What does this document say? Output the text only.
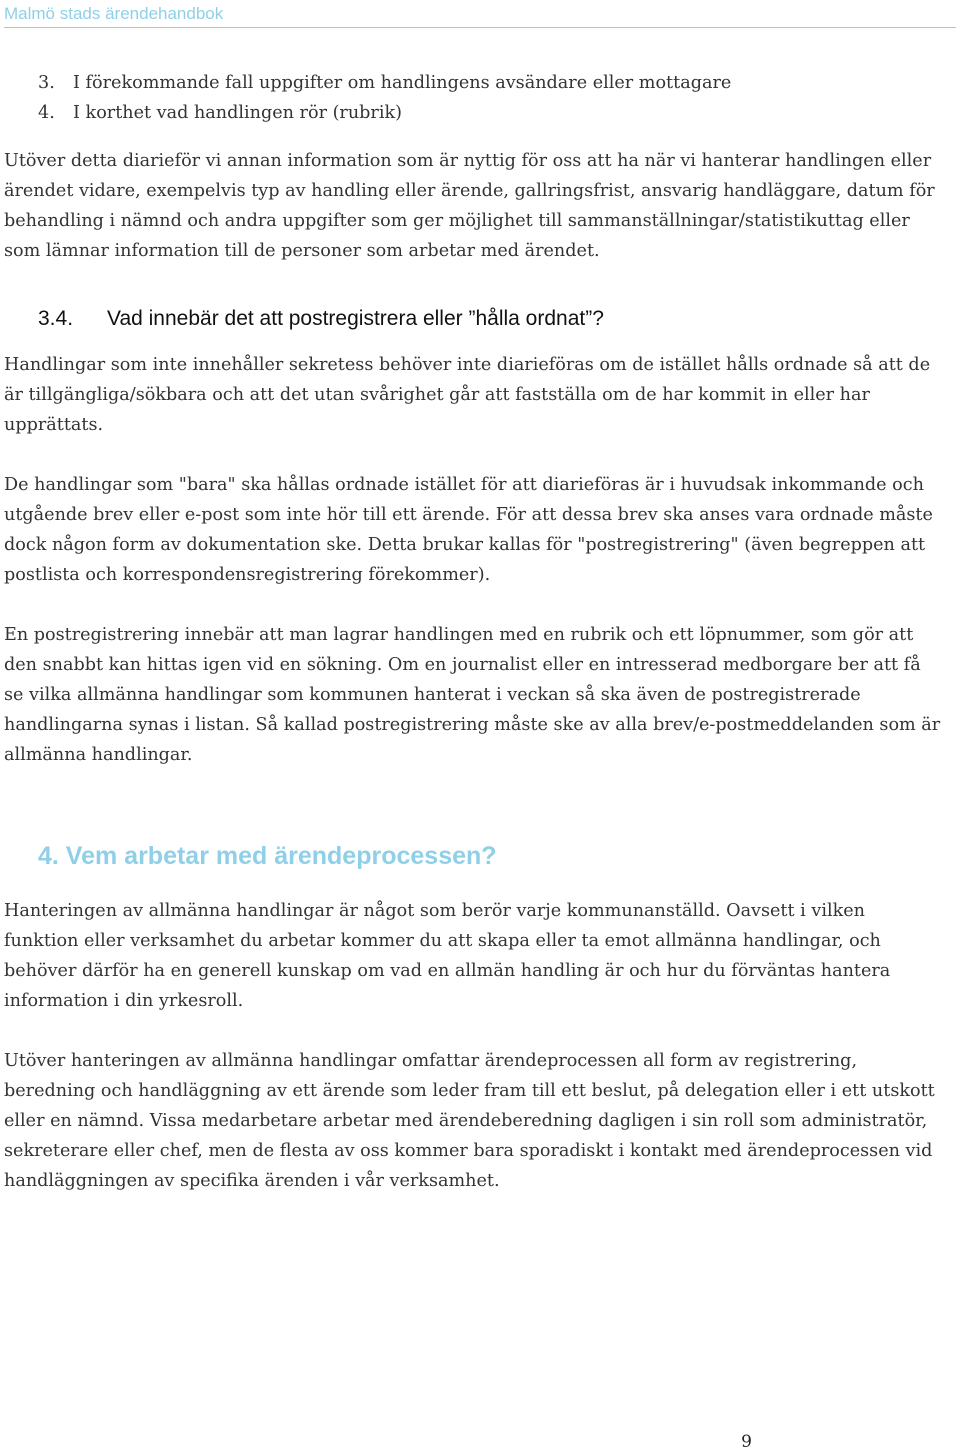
Malmö stads ärendehandbok
3. I förekommande fall uppgifter om handlingens avsändare eller mottagare
4. I korthet vad handlingen rör (rubrik)

Utöver detta diarieför vi annan information som är nyttig för oss att ha när vi hanterar handlingen eller ärendet vidare, exempelvis typ av handling eller ärende, gallringsfrist, ansvarig handläggare, datum för behandling i nämnd och andra uppgifter som ger möjlighet till sammanställningar/statistikuttag eller som lämnar information till de personer som arbetar med ärendet.

3.4. Vad innebär det att postregistrera eller ”hålla ordnat”?

Handlingar som inte innehåller sekretess behöver inte diarieföras om de istället hålls ordnade så att de är tillgängliga/sökbara och att det utan svårighet går att fastställa om de har kommit in eller har upprättats.

De handlingar som "bara" ska hållas ordnade istället för att diarieföras är i huvudsak inkommande och utgående brev eller e-post som inte hör till ett ärende. För att dessa brev ska anses vara ordnade måste dock någon form av dokumentation ske. Detta brukar kallas för "postregistrering" (även begreppen att postlista och korrespondensregistrering förekommer).

En postregistrering innebär att man lagrar handlingen med en rubrik och ett löpnummer, som gör att den snabbt kan hittas igen vid en sökning. Om en journalist eller en intresserad medborgare ber att få se vilka allmänna handlingar som kommunen hanterat i veckan så ska även de postregistrerade handlingarna synas i listan. Så kallad postregistrering måste ske av alla brev/e-postmeddelanden som är allmänna handlingar.

4. Vem arbetar med ärendeprocessen?

Hanteringen av allmänna handlingar är något som berör varje kommunanställd. Oavsett i vilken funktion eller verksamhet du arbetar kommer du att skapa eller ta emot allmänna handlingar, och behöver därför ha en generell kunskap om vad en allmän handling är och hur du förväntas hantera information i din yrkesroll.

Utöver hanteringen av allmänna handlingar omfattar ärendeprocessen all form av registrering, beredning och handläggning av ett ärende som leder fram till ett beslut, på delegation eller i ett utskott eller en nämnd. Vissa medarbetare arbetar med ärendeberedning dagligen i sin roll som administratör, sekreterare eller chef, men de flesta av oss kommer bara sporadiskt i kontakt med ärendeprocessen vid handläggningen av specifika ärenden i vår verksamhet.

9
